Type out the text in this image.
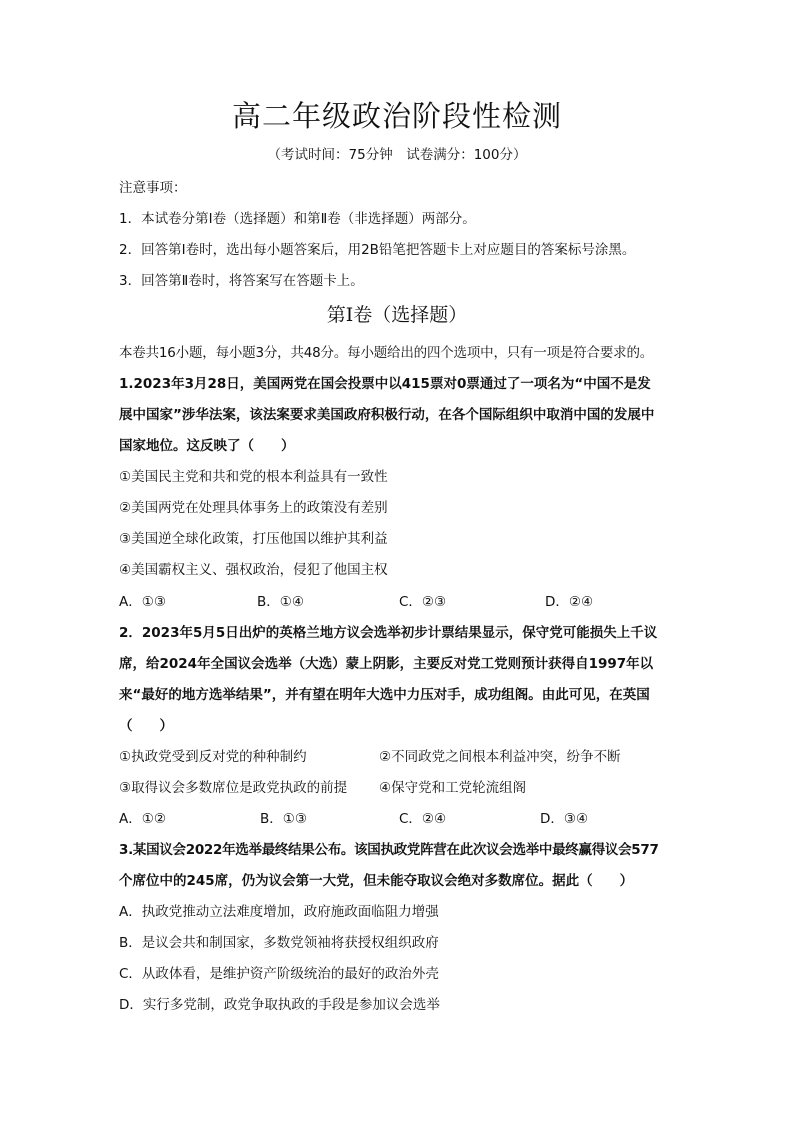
高二年级政治阶段性检测
（考试时间：75分钟　试卷满分：100分）
注意事项：
1．本试卷分第Ⅰ卷（选择题）和第Ⅱ卷（非选择题）两部分。
2．回答第Ⅰ卷时，选出每小题答案后，用2B铅笔把答题卡上对应题目的答案标号涂黑。
3．回答第Ⅱ卷时，将答案写在答题卡上。
第Ⅰ卷（选择题）
本卷共16小题，每小题3分，共48分。每小题给出的四个选项中，只有一项是符合要求的。
1.2023年3月28日，美国两党在国会投票中以415票对0票通过了一项名为“中国不是发
展中国家”涉华法案，该法案要求美国政府积极行动，在各个国际组织中取消中国的发展中
国家地位。这反映了（　　）
①美国民主党和共和党的根本利益具有一致性
②美国两党在处理具体事务上的政策没有差别
③美国逆全球化政策，打压他国以维护其利益
④美国霸权主义、强权政治，侵犯了他国主权
A．①③	B．①④	C．②③	D．②④
2．2023年5月5日出炉的英格兰地方议会选举初步计票结果显示，保守党可能损失上千议
席，给2024年全国议会选举（大选）蒙上阴影，主要反对党工党则预计获得自1997年以
来“最好的地方选举结果”，并有望在明年大选中力压对手，成功组阁。由此可见，在英国
（　　）
①执政党受到反对党的种种制约	②不同政党之间根本利益冲突，纷争不断
③取得议会多数席位是政党执政的前提 ④保守党和工党轮流组阁
A．①②	B．①③	C．②④	D．③④
3.某国议会2022年选举最终结果公布。该国执政党阵营在此次议会选举中最终赢得议会577
个席位中的245席，仍为议会第一大党，但未能夺取议会绝对多数席位。据此（　　）
A．执政党推动立法难度增加，政府施政面临阻力增强
B．是议会共和制国家，多数党领袖将获授权组织政府
C．从政体看，是维护资产阶级统治的最好的政治外壳
D．实行多党制，政党争取执政的手段是参加议会选举
